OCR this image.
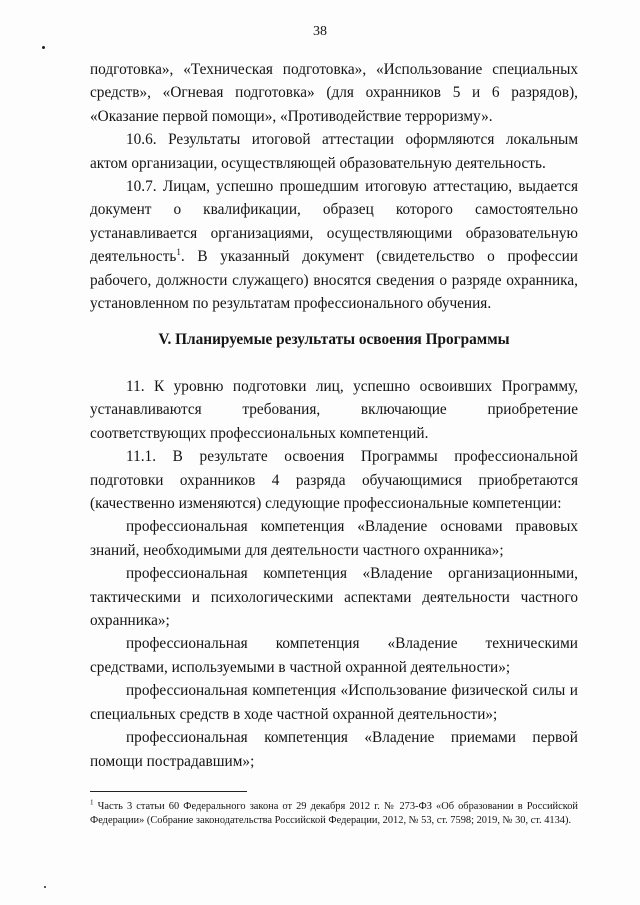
38

подготовка», «Техническая подготовка», «Использование специальных средств», «Огневая подготовка» (для охранников 5 и 6 разрядов), «Оказание первой помощи», «Противодействие терроризму».

10.6. Результаты итоговой аттестации оформляются локальным актом организации, осуществляющей образовательную деятельность.

10.7. Лицам, успешно прошедшим итоговую аттестацию, выдается документ о квалификации, образец которого самостоятельно устанавливается организациями, осуществляющими образовательную деятельность$^1$. В указанный документ (свидетельство о профессии рабочего, должности служащего) вносятся сведения о разряде охранника, установленном по результатам профессионального обучения.

V. Планируемые результаты освоения Программы

11. К уровню подготовки лиц, успешно освоивших Программу, устанавливаются требования, включающие приобретение соответствующих профессиональных компетенций.

11.1. В результате освоения Программы профессиональной подготовки охранников 4 разряда обучающимися приобретаются (качественно изменяются) следующие профессиональные компетенции:

профессиональная компетенция «Владение основами правовых знаний, необходимыми для деятельности частного охранника»;

профессиональная компетенция «Владение организационными, тактическими и психологическими аспектами деятельности частного охранника»;

профессиональная компетенция «Владение техническими средствами, используемыми в частной охранной деятельности»;

профессиональная компетенция «Использование физической силы и специальных средств в ходе частной охранной деятельности»;

профессиональная компетенция «Владение приемами первой помощи пострадавшим»;

$^1$ Часть 3 статьи 60 Федерального закона от 29 декабря 2012 г. № 273-ФЗ «Об образовании в Российской Федерации» (Собрание законодательства Российской Федерации, 2012, № 53, ст. 7598; 2019, № 30, ст. 4134).
